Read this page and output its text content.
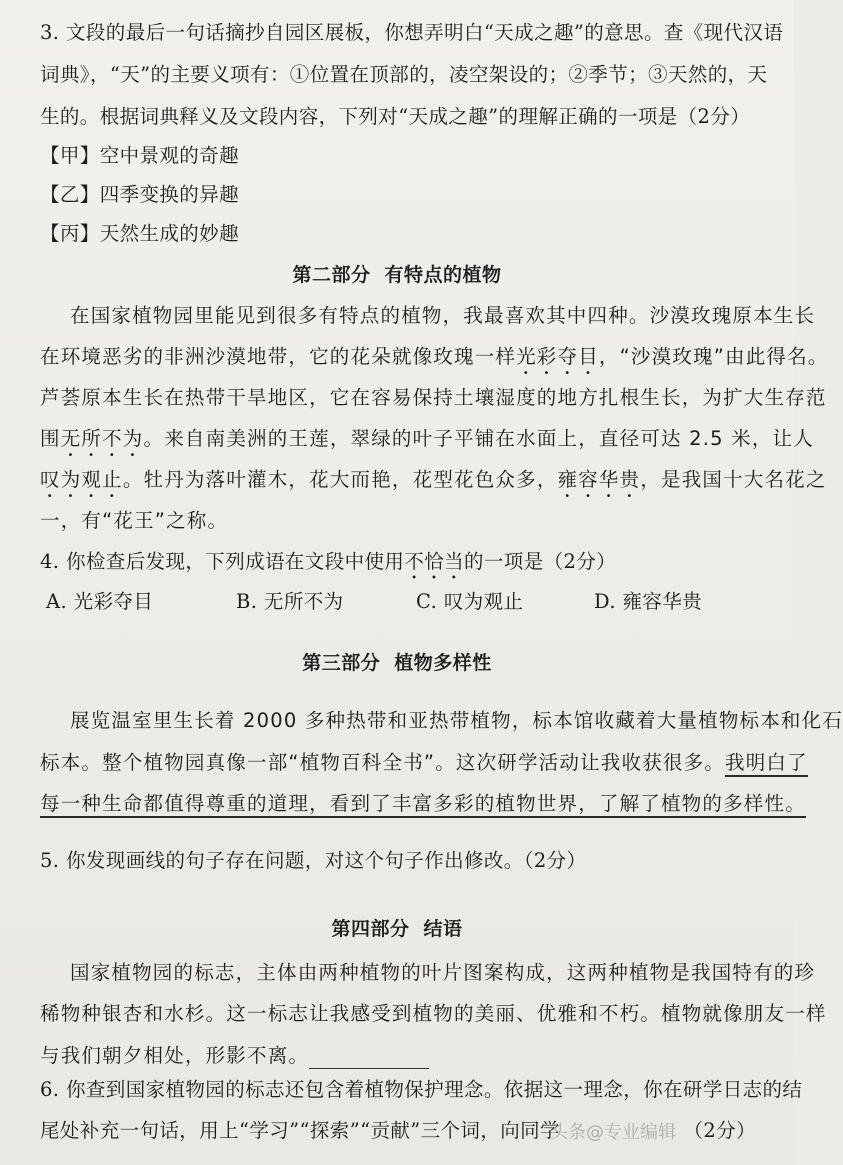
3. 文段的最后一句话摘抄自园区展板，你想弄明白“天成之趣”的意思。查《现代汉语
词典》，“天”的主要义项有：①位置在顶部的，凌空架设的；②季节；③天然的，天
生的。根据词典释义及文段内容，下列对“天成之趣”的理解正确的一项是（2分）
【甲】空中景观的奇趣
【乙】四季变换的异趣
【丙】天然生成的妙趣
第二部分 有特点的植物
在国家植物园里能见到很多有特点的植物，我最喜欢其中四种。沙漠玫瑰原本生长
在环境恶劣的非洲沙漠地带，它的花朵就像玫瑰一样光彩夺目，“沙漠玫瑰”由此得名。
芦荟原本生长在热带干旱地区，它在容易保持土壤湿度的地方扎根生长，为扩大生存范
围无所不为。来自南美洲的王莲，翠绿的叶子平铺在水面上，直径可达 2.5 米，让人
叹为观止。牡丹为落叶灌木，花大而艳，花型花色众多，雍容华贵，是我国十大名花之
一，有“花王”之称。
4. 你检查后发现，下列成语在文段中使用不恰当的一项是（2分）
A. 光彩夺目	B. 无所不为	C. 叹为观止	D. 雍容华贵
第三部分 植物多样性
展览温室里生长着 2000 多种热带和亚热带植物，标本馆收藏着大量植物标本和化石
标本。整个植物园真像一部“植物百科全书”。这次研学活动让我收获很多。我明白了
每一种生命都值得尊重的道理，看到了丰富多彩的植物世界，了解了植物的多样性。
5. 你发现画线的句子存在问题，对这个句子作出修改。（2分）
第四部分 结语
国家植物园的标志，主体由两种植物的叶片图案构成，这两种植物是我国特有的珍
稀物种银杏和水杉。这一标志让我感受到植物的美丽、优雅和不朽。植物就像朋友一样
与我们朝夕相处，形影不离。
6. 你查到国家植物园的标志还包含着植物保护理念。依据这一理念，你在研学日志的结
尾处补充一句话，用上“学习”“探索”“贡献”三个词，向同学	（2分）
头条@专业编辑
